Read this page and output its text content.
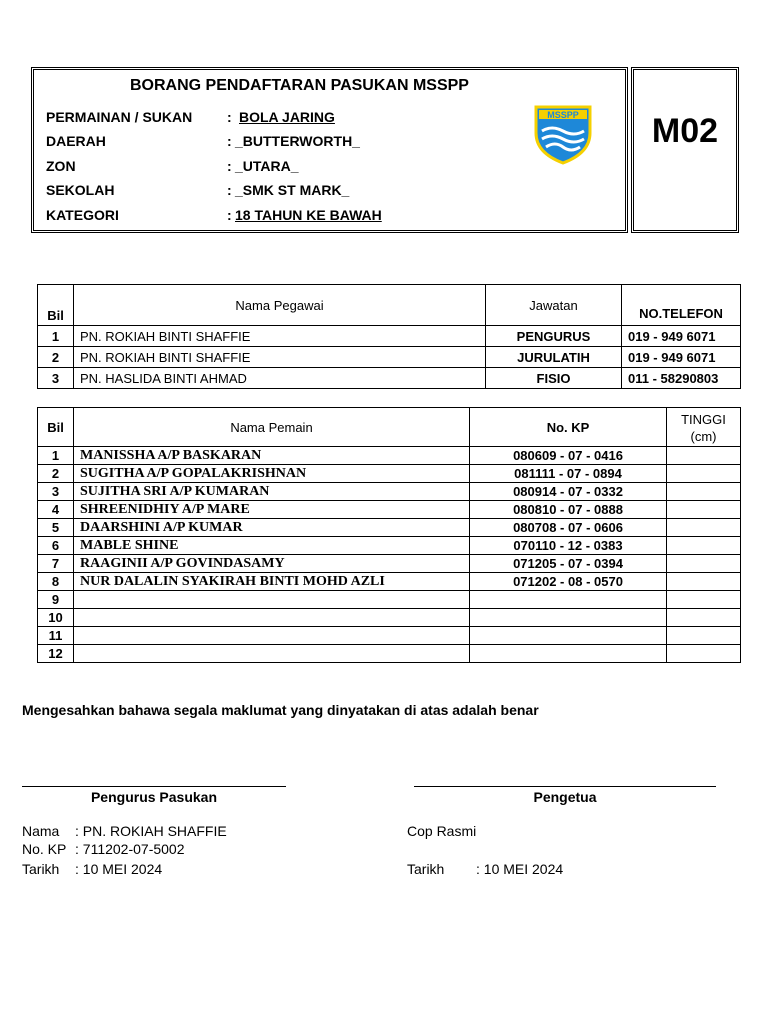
BORANG PENDAFTARAN PASUKAN MSSPP
M02
PERMAINAN / SUKAN : BOLA JARING
DAERAH	: _BUTTERWORTH_
ZON	: _UTARA_
SEKOLAH	: _SMK ST MARK_
KATEGORI	: 18 TAHUN KE BAWAH
MSSPP
Bil	Nama Pegawai	Jawatan	NO.TELEFON
1	PN. ROKIAH BINTI SHAFFIE	PENGURUS	019 - 949 6071
2	PN. ROKIAH BINTI SHAFFIE	JURULATIH	019 - 949 6071
3	PN. HASLIDA BINTI AHMAD	FISIO	011 - 58290803
Bil	Nama Pemain	No. KP	TINGGI
(cm)

1	MANISSHA A/P BASKARAN	080609 - 07 - 0416	
2	SUGITHA A/P GOPALAKRISHNAN	081111 - 07 - 0894	
3	SUJITHA SRI A/P KUMARAN	080914 - 07 - 0332	
4	SHREENIDHIY A/P MARE	080810 - 07 - 0888	
5	DAARSHINI A/P KUMAR	080708 - 07 - 0606	
6	MABLE SHINE	070110 - 12 - 0383	
7	RAAGINII A/P GOVINDASAMY	071205 - 07 - 0394	
8	NUR DALALIN SYAKIRAH BINTI MOHD AZLI	071202 - 08 - 0570	
9			
10			
11			
12			
Mengesahkan bahawa segala maklumat yang dinyatakan di atas adalah benar
Pengurus Pasukan	Pengetua
Nama : PN. ROKIAH SHAFFIE
No. KP : 711202-07-5002
Tarikh : 10 MEI 2024
Cop Rasmi
Tarikh : 10 MEI 2024
